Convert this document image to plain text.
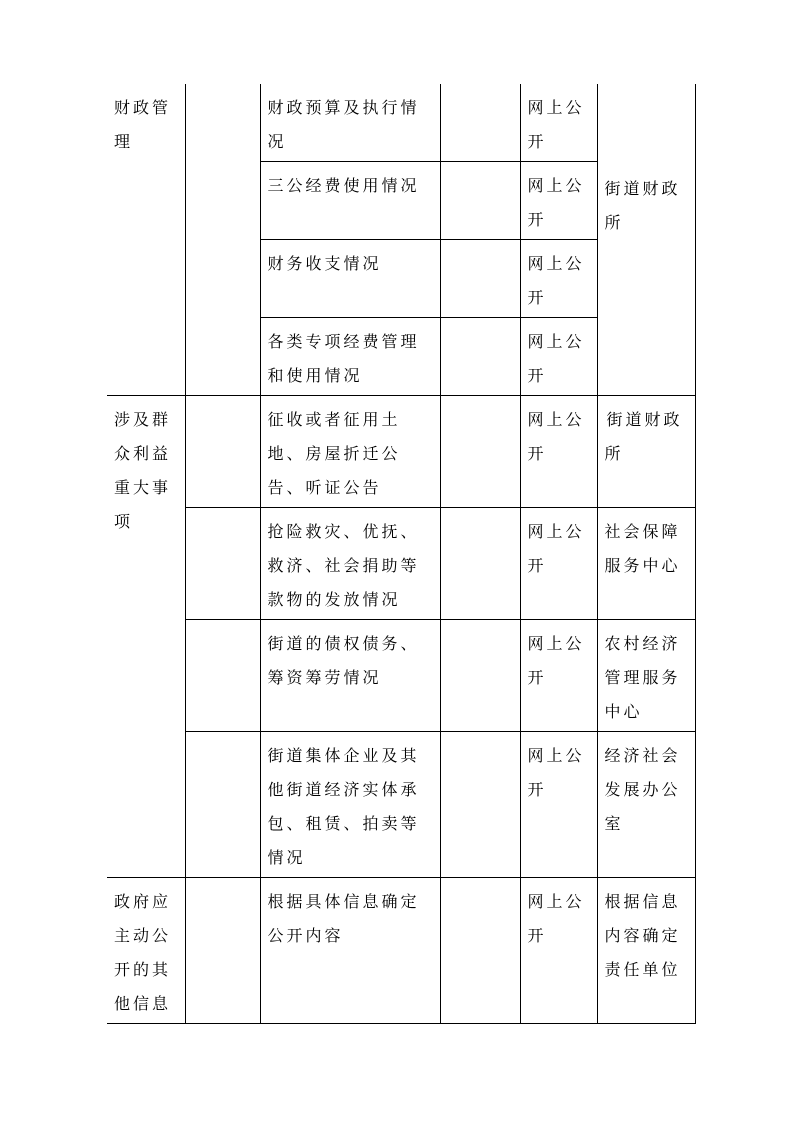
财政管理		财政预算及执行情况		网上公开	街道财政所

		三公经费使用情况		网上公开	
		财务收支情况		网上公开	
		各类专项经费管理和使用情况		网上公开	
涉及群众利益重大事项		征收或者征用土地、房屋折迁公告、听证公告		网上公开	街道财政所
		抢险救灾、优抚、救济、社会捐助等款物的发放情况		网上公开	社会保障服务中心
		街道的债权债务、筹资筹劳情况		网上公开	农村经济管理服务中心
		街道集体企业及其他街道经济实体承包、租赁、拍卖等情况		网上公开	经济社会发展办公室
政府应主动公开的其他信息		根据具体信息确定公开内容		网上公开	根据信息内容确定责任单位
